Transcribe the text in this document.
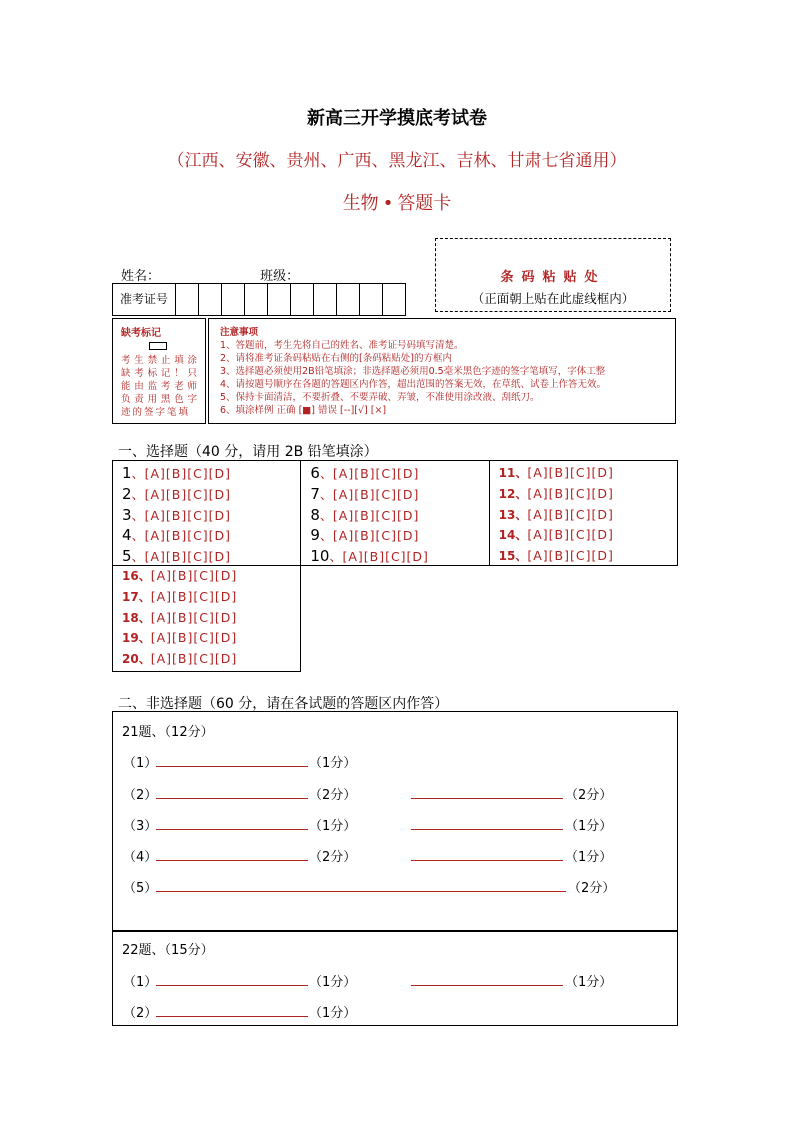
新高三开学摸底考试卷
（江西、安徽、贵州、广西、黑龙江、吉林、甘肃七省通用）
生物 • 答题卡
条码粘贴处
（正面朝上贴在此虚线框内）
姓名：	班级：
准考证号
缺考标记
考生禁止填涂缺考标记！只能由监考老师负责用黑色字迹的签字笔填
注意事项
1、答题前，考生先将自己的姓名、准考证号码填写清楚。
2、请将准考证条码粘贴在右侧的[条码粘贴处]的方框内
3、选择题必须使用2B铅笔填涂；非选择题必须用0.5毫米黑色字迹的签字笔填写，字体工整
4、请按题号顺序在各题的答题区内作答，超出范围的答案无效，在草纸、试卷上作答无效。
5、保持卡面清洁，不要折叠、不要弄破、弄皱，不准使用涂改液、刮纸刀。
6、填涂样例 正确 [■] 错误 [--][√] [×]
一、选择题（40 分，请用 2B 铅笔填涂）
1、[A][B][C][D]
2、[A][B][C][D]
3、[A][B][C][D]
4、[A][B][C][D]
5、[A][B][C][D]
6、[A][B][C][D]
7、[A][B][C][D]
8、[A][B][C][D]
9、[A][B][C][D]
10、[A][B][C][D]
11、[A][B][C][D]
12、[A][B][C][D]
13、[A][B][C][D]
14、[A][B][C][D]
15、[A][B][C][D]
16、[A][B][C][D]
17、[A][B][C][D]
18、[A][B][C][D]
19、[A][B][C][D]
20、[A][B][C][D]
二、非选择题（60 分，请在各试题的答题区内作答）
21题、（12分）
（1）	（1分）
（2）	（2分）	（2分）
（3）	（1分）	（1分）
（4）	（2分）	（1分）
（5）	（2分）
22题、（15分）
（1）	（1分）	（1分）
（2）	（1分）
